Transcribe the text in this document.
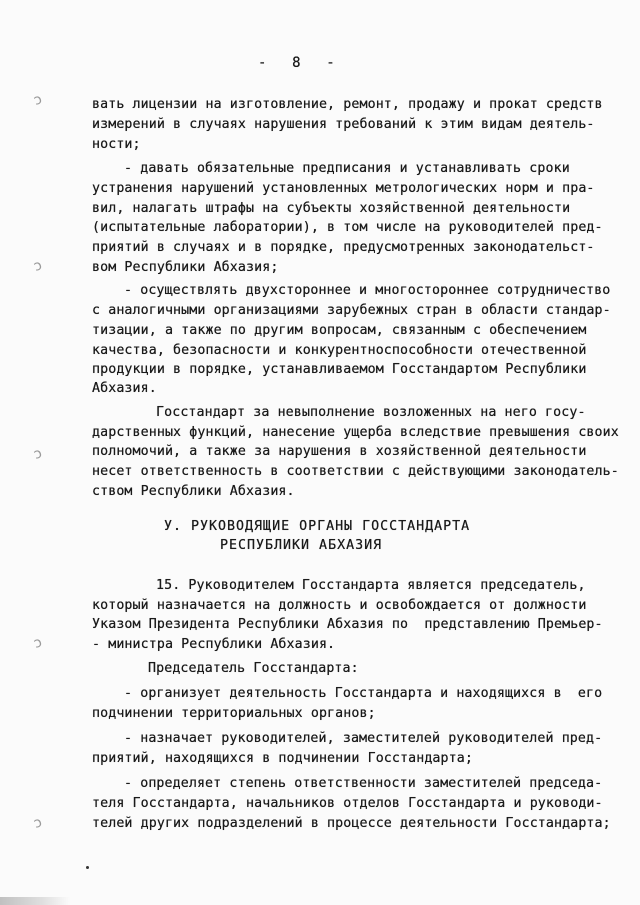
-   8   -
ↄ
ↄ
ↄ
ↄ
ↄ
вать лицензии на изготовление, ремонт, продажу и прокат средств
измерений в случаях нарушения требований к этим видам деятель-
ности;
- давать обязательные предписания и устанавливать сроки
устранения нарушений установленных метрологических норм и пра-
вил, налагать штрафы на субъекты хозяйственной деятельности
(испытательные лаборатории), в том числе на руководителей пред-
приятий в случаях и в порядке, предусмотренных законодательст-
вом Республики Абхазия;
- осуществлять двухстороннее и многостороннее сотрудничество
с аналогичными организациями зарубежных стран в области стандар-
тизации, а также по другим вопросам, связанным с обеспечением
качества, безопасности и конкурентноспособности отечественной
продукции в порядке, устанавливаемом Госстандартом Республики
Абхазия.
Госстандарт за невыполнение возложенных на него госу-
дарственных функций, нанесение ущерба вследствие превышения своих
полномочий, а также за нарушения в хозяйственной деятельности
несет ответственность в соответствии с действующими законодатель-
ством Республики Абхазия.
У. РУКОВОДЯЩИЕ ОРГАНЫ ГОССТАНДАРТА
РЕСПУБЛИКИ АБХАЗИЯ
15. Руководителем Госстандарта является председатель,
который назначается на должность и освобождается от должности
Указом Президента Республики Абхазия по  представлению Премьер-
- министра Республики Абхазия.
Председатель Госстандарта:
- организует деятельность Госстандарта и находящихся в  его
подчинении территориальных органов;
- назначает руководителей, заместителей руководителей пред-
приятий, находящихся в подчинении Госстандарта;
- определяет степень ответственности заместителей председа-
теля Госстандарта, начальников отделов Госстандарта и руководи-
телей других подразделений в процессе деятельности Госстандарта;
